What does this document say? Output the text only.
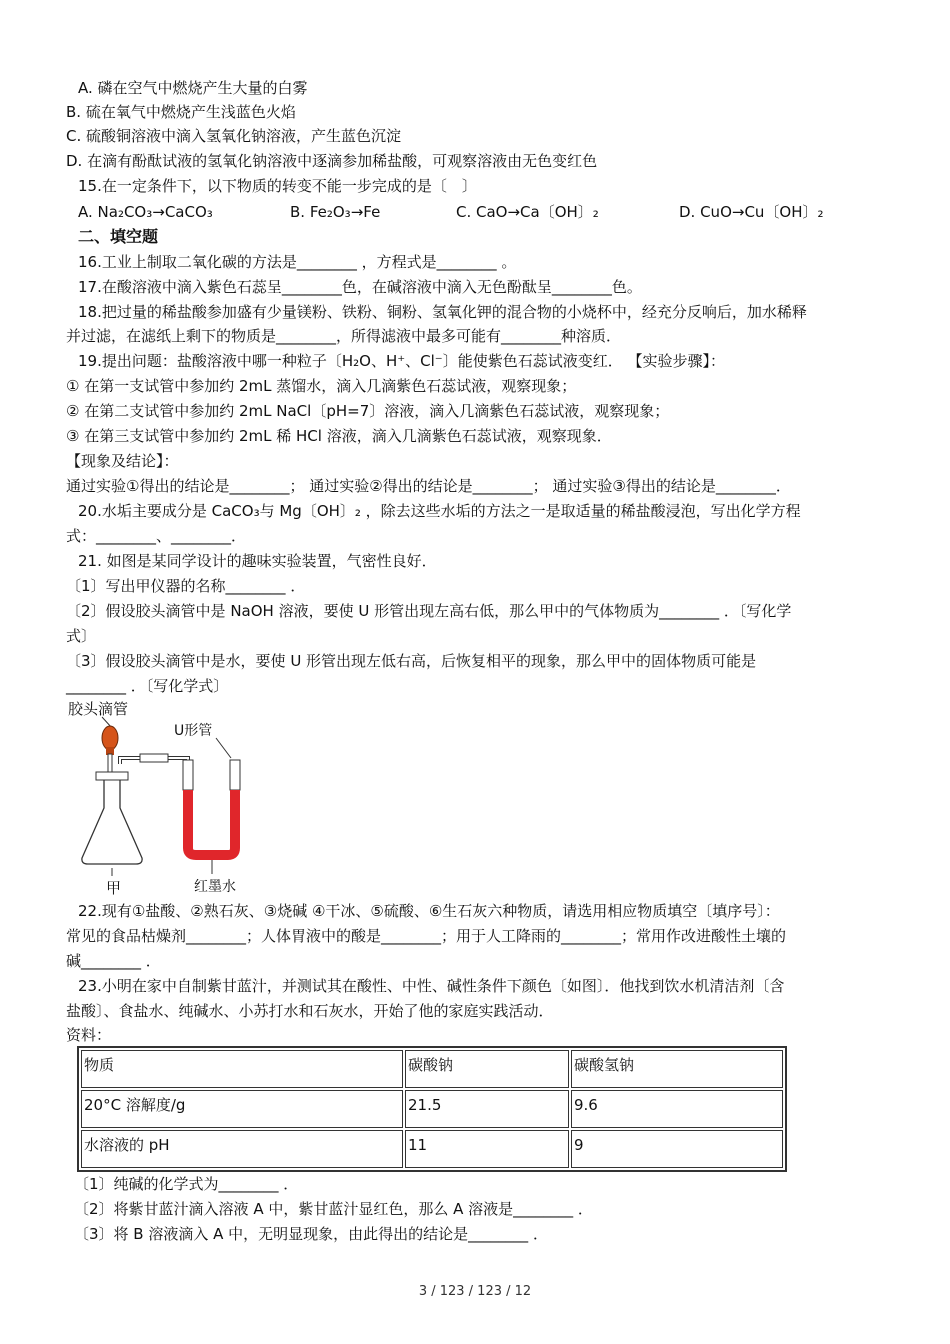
A. 磷在空气中燃烧产生大量的白雾
B. 硫在氧气中燃烧产生浅蓝色火焰
C. 硫酸铜溶液中滴入氢氧化钠溶液，产生蓝色沉淀
D. 在滴有酚酞试液的氢氧化钠溶液中逐滴参加稀盐酸，可观察溶液由无色变红色
15.在一定条件下，以下物质的转变不能一步完成的是〔　〕
A. Na₂CO₃→CaCO₃	B. Fe₂O₃→Fe	C. CaO→Ca〔OH〕₂	D. CuO→Cu〔OH〕₂
二、填空题
16.工业上制取二氧化碳的方法是________ ，方程式是________ 。
17.在酸溶液中滴入紫色石蕊呈________色，在碱溶液中滴入无色酚酞呈________色。
18.把过量的稀盐酸参加盛有少量镁粉、铁粉、铜粉、氢氧化钾的混合物的小烧杯中，经充分反响后，加水稀释
并过滤，在滤纸上剩下的物质是________，所得滤液中最多可能有________种溶质．
19.提出问题：盐酸溶液中哪一种粒子〔H₂O、H⁺、Cl⁻〕能使紫色石蕊试液变红． 【实验步骤】：
① 在第一支试管中参加约 2mL 蒸馏水，滴入几滴紫色石蕊试液，观察现象；
② 在第二支试管中参加约 2mL NaCl〔pH=7〕溶液，滴入几滴紫色石蕊试液，观察现象；
③ 在第三支试管中参加约 2mL 稀 HCl 溶液，滴入几滴紫色石蕊试液，观察现象．
【现象及结论】：
通过实验①得出的结论是________； 通过实验②得出的结论是________； 通过实验③得出的结论是________．
20.水垢主要成分是 CaCO₃与 Mg〔OH〕₂ ，除去这些水垢的方法之一是取适量的稀盐酸浸泡，写出化学方程
式：________、________．
21. 如图是某同学设计的趣味实验装置，气密性良好．
〔1〕写出甲仪器的名称________ ．
〔2〕假设胶头滴管中是 NaOH 溶液，要使 U 形管出现左高右低，那么甲中的气体物质为________ ．〔写化学
式〕
〔3〕假设胶头滴管中是水，要使 U 形管出现左低右高，后恢复相平的现象，那么甲中的固体物质可能是
________ ．〔写化学式〕
胶头滴管
U形管
甲	红墨水
22.现有①盐酸、②熟石灰、③烧碱 ④干冰、⑤硫酸、⑥生石灰六种物质，请选用相应物质填空〔填序号〕：
常见的食品枯燥剂________；人体胃液中的酸是________；用于人工降雨的________；常用作改进酸性土壤的
碱________ ．
23.小明在家中自制紫甘蓝汁，并测试其在酸性、中性、碱性条件下颜色〔如图〕．他找到饮水机清洁剂〔含
盐酸〕、食盐水、纯碱水、小苏打水和石灰水，开始了他的家庭实践活动．
资料：
物质	碳酸钠	碳酸氢钠
20°C 溶解度/g	21.5	9.6
水溶液的 pH	11	9
〔1〕纯碱的化学式为________ ．
〔2〕将紫甘蓝汁滴入溶液 A 中，紫甘蓝汁显红色，那么 A 溶液是________ ．
〔3〕将 B 溶液滴入 A 中，无明显现象，由此得出的结论是________ ．
3 / 123 / 123 / 12
